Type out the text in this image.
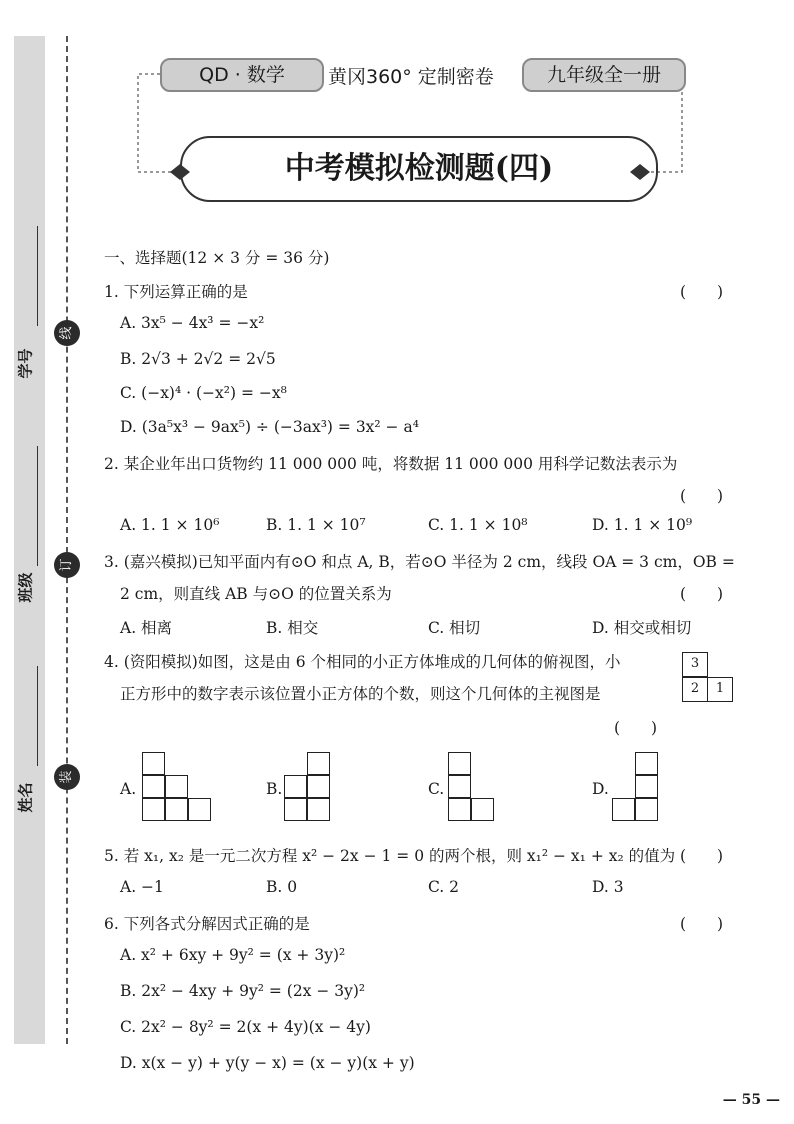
学号
班级
姓名
线
订
装
QD · 数学	黄冈360° 定制密卷	九年级全一册
中考模拟检测题(四)
一、选择题(12 × 3 分 = 36 分)
1. 下列运算正确的是	(　　)
A. 3x⁵ − 4x³ = −x²
B. 2√3 + 2√2 = 2√5
C. (−x)⁴ · (−x²) = −x⁸
D. (3a⁵x³ − 9ax⁵) ÷ (−3ax³) = 3x² − a⁴
2. 某企业年出口货物约 11 000 000 吨，将数据 11 000 000 用科学记数法表示为
(　　)
A. 1. 1 × 10⁶	B. 1. 1 × 10⁷	C. 1. 1 × 10⁸	D. 1. 1 × 10⁹
3. (嘉兴模拟)已知平面内有⊙O 和点 A, B，若⊙O 半径为 2 cm，线段 OA = 3 cm，OB =
2 cm，则直线 AB 与⊙O 的位置关系为	(　　)
A. 相离	B. 相交	C. 相切	D. 相交或相切
4. (资阳模拟)如图，这是由 6 个相同的小正方体堆成的几何体的俯视图，小
正方形中的数字表示该位置小正方体的个数，则这个几何体的主视图是
(　　)
3
2	1
A.	B.	C.	D.
5. 若 x₁, x₂ 是一元二次方程 x² − 2x − 1 = 0 的两个根，则 x₁² − x₁ + x₂ 的值为 (　　)
A. −1	B. 0	C. 2	D. 3
6. 下列各式分解因式正确的是	(　　)
A. x² + 6xy + 9y² = (x + 3y)²
B. 2x² − 4xy + 9y² = (2x − 3y)²
C. 2x² − 8y² = 2(x + 4y)(x − 4y)
D. x(x − y) + y(y − x) = (x − y)(x + y)
— 55 —
